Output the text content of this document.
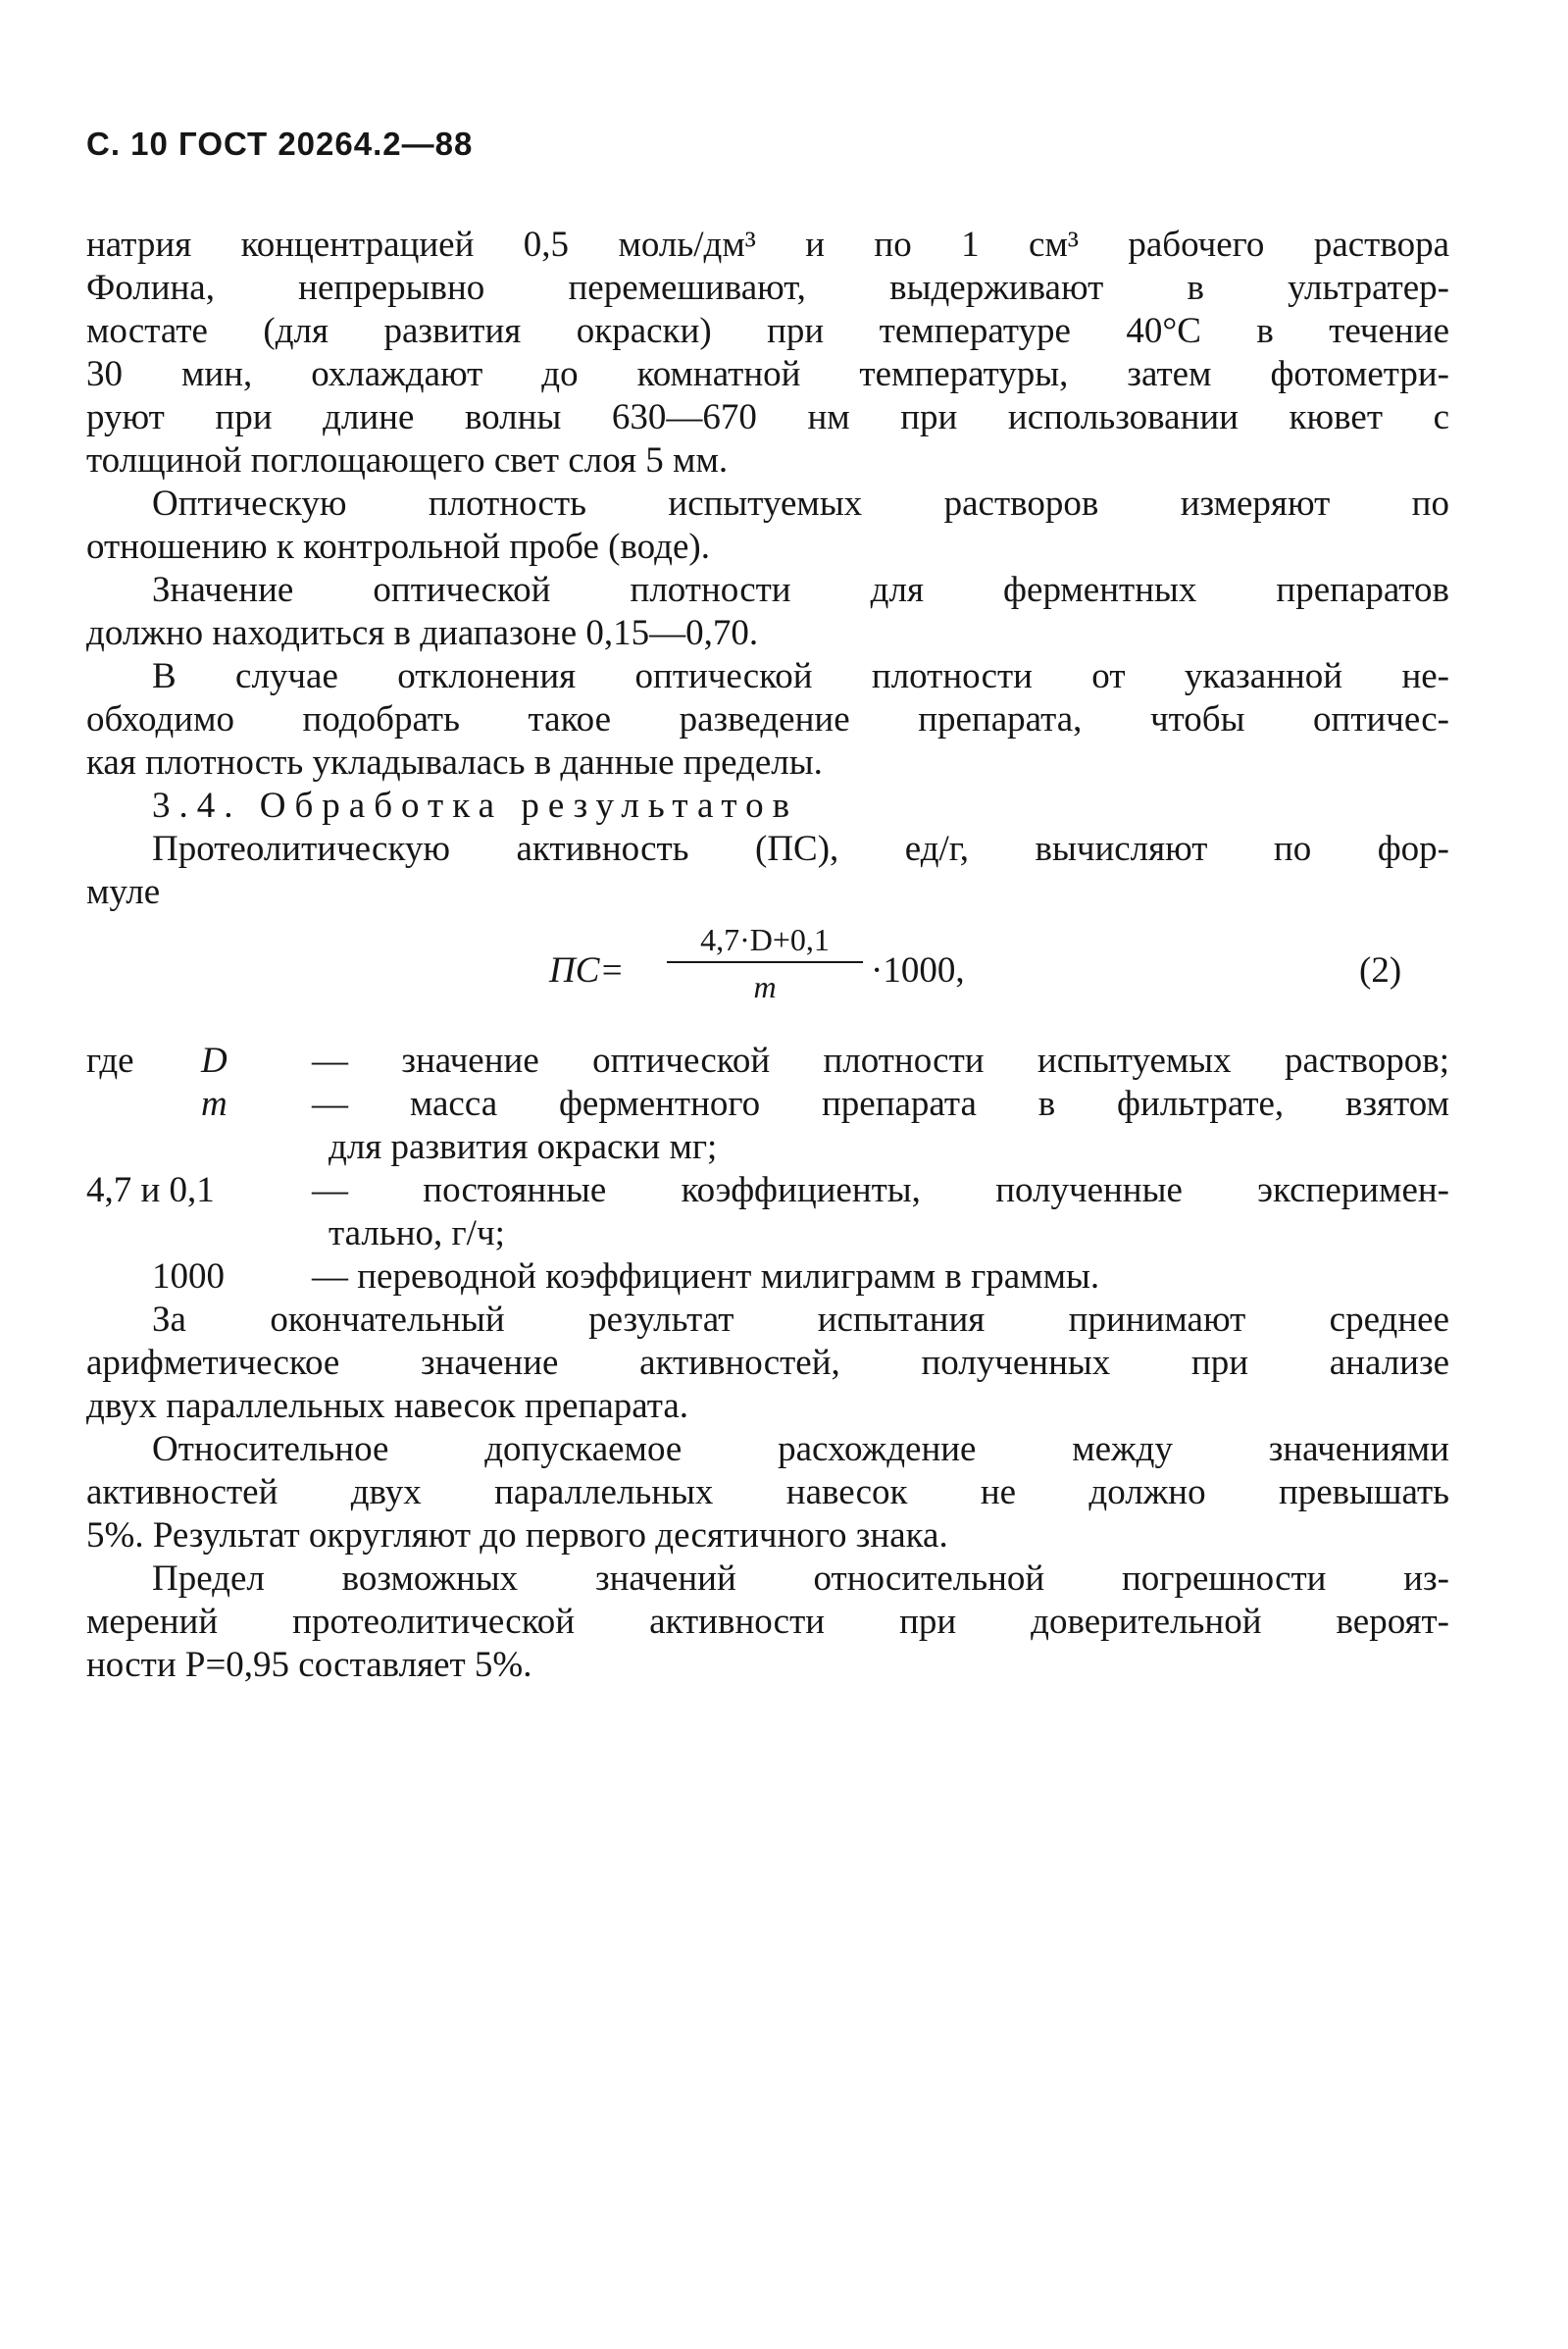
С. 10 ГОСТ 20264.2—88
натрия концентрацией 0,5 моль/дм³ и по 1 см³ рабочего раствора
Фолина, непрерывно перемешивают, выдерживают в ультратер-
мостате (для развития окраски) при температуре 40°С в течение
30 мин, охлаждают до комнатной температуры, затем фотометри-
руют при длине волны 630—670 нм при использовании кювет с
толщиной поглощающего свет слоя 5 мм.
Оптическую плотность испытуемых растворов измеряют по
отношению к контрольной пробе (воде).
Значение оптической плотности для ферментных препаратов
должно находиться в диапазоне 0,15—0,70.
В случае отклонения оптической плотности от указанной не-
обходимо подобрать такое разведение препарата, чтобы оптичес-
кая плотность укладывалась в данные пределы.
3.4. Обработка результатов
Протеолитическую активность (ПС), ед/г, вычисляют по фор-
муле
ПС=
4,7·D+0,1
m	·1000,	(2)
где D — значение оптической плотности испытуемых растворов;
m — масса ферментного препарата в фильтрате, взятом
для развития окраски мг;
4,7 и 0,1	— постоянные коэффициенты, полученные эксперимен-
тально, г/ч;
1000 — переводной коэффициент милиграмм в граммы.
За окончательный результат испытания принимают среднее
арифметическое значение активностей, полученных при анализе
двух параллельных навесок препарата.
Относительное допускаемое расхождение между значениями
активностей двух параллельных навесок не должно превышать
5%. Результат округляют до первого десятичного знака.
Предел возможных значений относительной погрешности из-
мерений протеолитической активности при доверительной вероят-
ности P=0,95 составляет 5%.
